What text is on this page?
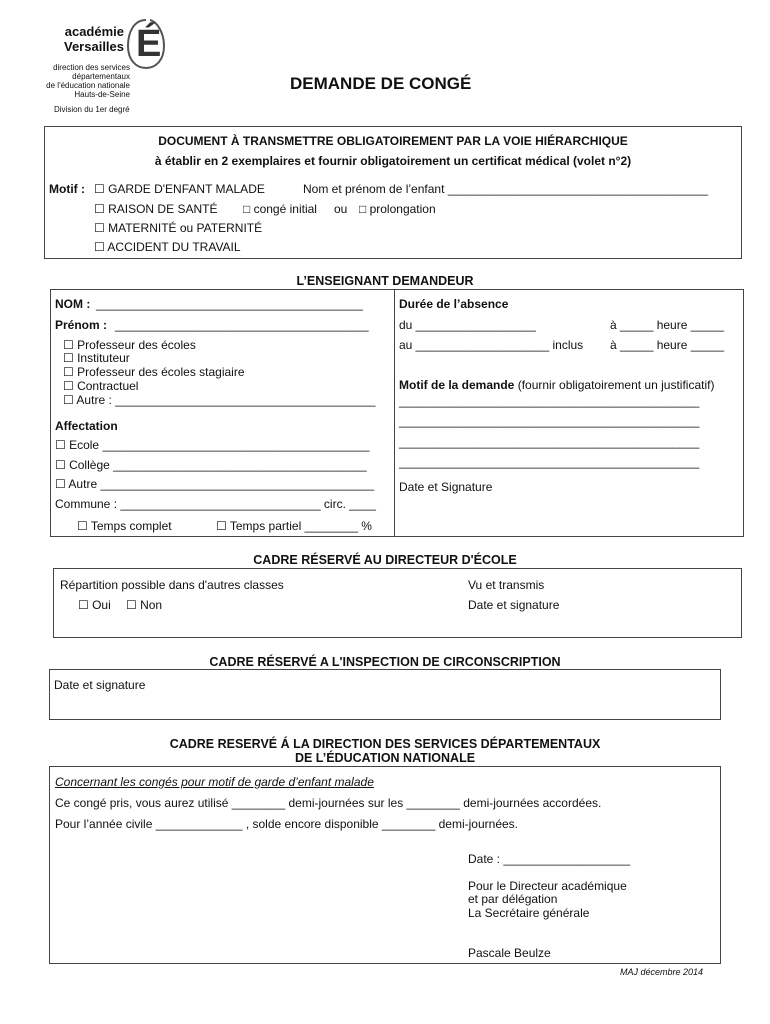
É
académie
Versailles
direction des services
départementaux
de l'éducation nationale
Hauts-de-Seine
Division du 1er degré
DEMANDE DE CONGÉ
DOCUMENT À TRANSMETTRE OBLIGATOIREMENT PAR LA VOIE HIÉRARCHIQUE
à établir en 2 exemplaires et fournir obligatoirement un certificat médical (volet n°2)
Motif : ☐ GARDE D'ENFANT MALADE	Nom et prénom de l’enfant _______________________________________
☐ RAISON DE SANTÉ □ congé initial ou □ prolongation
☐ MATERNITÉ ou PATERNITÉ
☐ ACCIDENT DU TRAVAIL
L’ENSEIGNANT DEMANDEUR
NOM : ________________________________________
Prénom : ______________________________________
☐ Professeur des écoles
☐ Instituteur
☐ Professeur des écoles stagiaire
☐ Contractuel
☐ Autre : _______________________________________
Affectation
☐ Ecole ________________________________________
☐ Collège ______________________________________
☐ Autre _________________________________________
Commune : ______________________________ circ. ____
☐ Temps complet	☐ Temps partiel ________ %
Durée de l’absence
du __________________	à _____ heure _____
au ____________________ inclus à _____ heure _____
Motif de la demande (fournir obligatoirement un justificatif)
_____________________________________________
_____________________________________________
_____________________________________________
_____________________________________________
Date et Signature
CADRE RÉSERVÉ AU DIRECTEUR D'ÉCOLE
Répartition possible dans d'autres classes
☐ Oui ☐ Non
Vu et transmis
Date et signature
CADRE RÉSERVÉ A L'INSPECTION DE CIRCONSCRIPTION
Date et signature
CADRE RESERVÉ Á LA DIRECTION DES SERVICES DÉPARTEMENTAUX
DE L’ÉDUCATION NATIONALE
Concernant les congés pour motif de garde d’enfant malade
Ce congé pris, vous aurez utilisé ________ demi-journées sur les ________ demi-journées accordées.
Pour l’année civile _____________ , solde encore disponible ________ demi-journées.
Date : ___________________
Pour le Directeur académique
et par délégation
La Secrétaire générale
Pascale Beulze
MAJ décembre 2014
